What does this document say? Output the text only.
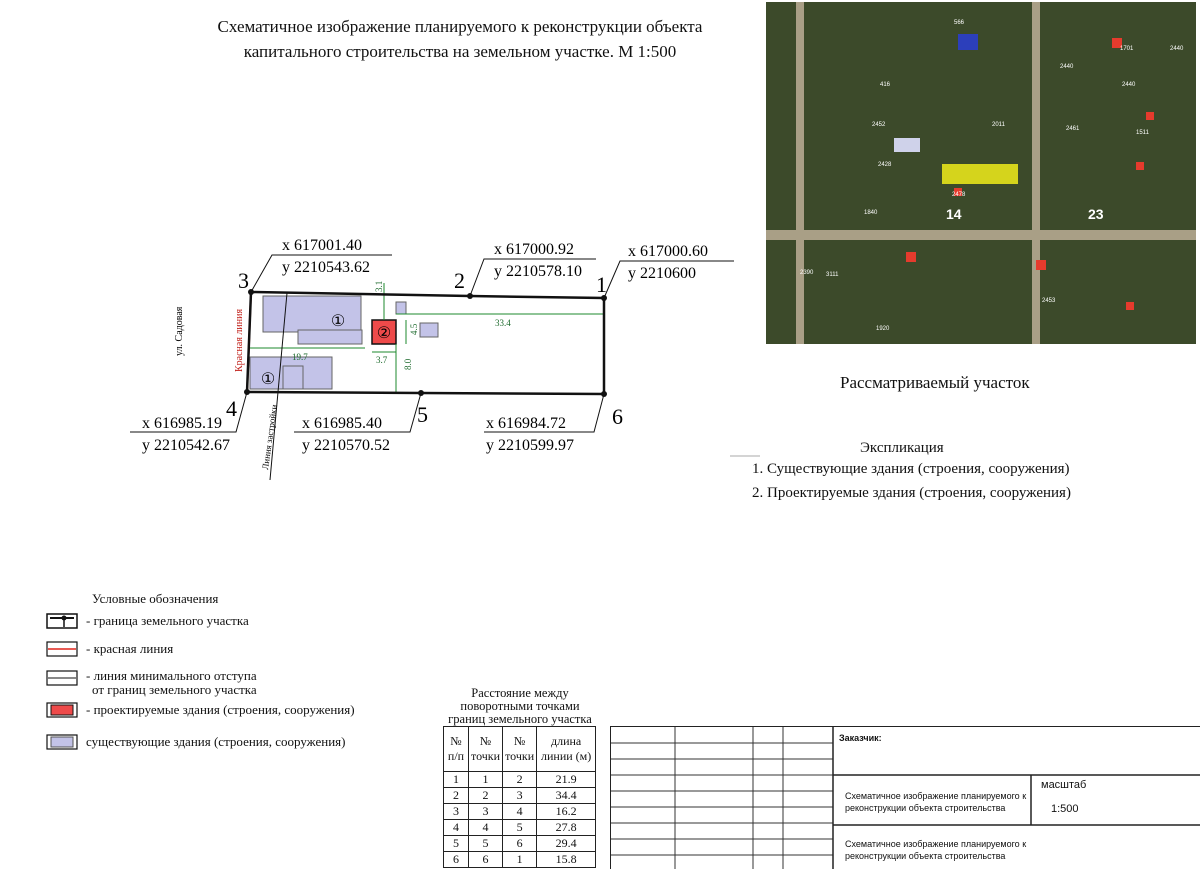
Схематичное изображение планируемого к реконструкции объекта
капитального строительства на земельном участке. М 1:500
②
①
①
33.4
19.7
3.1
4.5
3.7 8.0
Красная линия
Линия застройки
ул. Садовая
3
x 617001.40
y 2210543.62
2
x 617000.92
y 2210578.10
1
x 617000.60
y 2210600
4
x 616985.19
y 2210542.67
5
x 616985.40
y 2210570.52
6
x 616984.72
y 2210599.97
566
416
2440
2011
2428
2452
2461
2440
2478
1840
1701
2390 3111
2453
1920
1511
2440
14	23
Рассматриваемый участок
Экспликация
1. Существующие здания (строения, сооружения)
2. Проектируемые здания (строения, сооружения)
Условные обозначения
- граница земельного участка
- красная линия
- линия минимального отступа
от границ земельного участка
- проектируемые здания (строения, сооружения)
существующие здания (строения, сооружения)
Расстояние между
поворотными точками
границ земельного участка
№ п/п	№ точки	№ точки	длина линии (м)
1	1	2	21.9
2	2	3	34.4
3	3	4	16.2
4	4	5	27.8
5	5	6	29.4
6	6	1	15.8
Заказчик:
Схематичное изображение планируемого к
реконструкции объекта строительства
масштаб
1:500
Схематичное изображение планируемого к
реконструкции объекта строительства
